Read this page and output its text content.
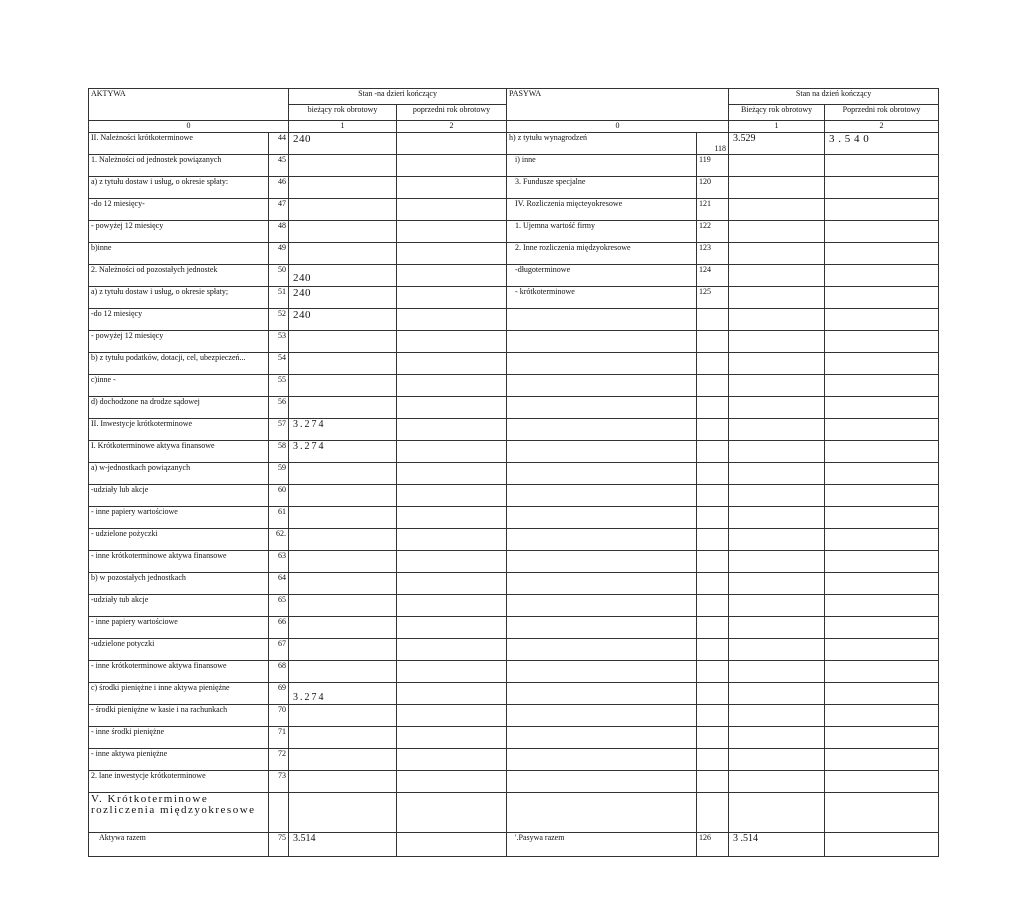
AKTYWA		Stan -na dzieri kończący		PASYWA		Stan na dzień kończący	
		bieżący rok obrotowy	poprzedni rok obrotowy			Bieżący rok obrotowy	Poprzedni rok obrotowy
0		1	2	0		1	2
II. Należności krótkoterminowe	44	240		h) z tytułu wynagrodzeń	118	3.529	3 . 5 4 0
1. Należności od jednostek powiązanych	45			i) inne	119		
a) z tytułu dostaw i usług, o okresie spłaty:	46			3. Fundusze specjalne	120		
-do 12 miesięcy-	47			IV. Rozliczenia mięcteyokresowe	121		
- powyżej 12 miesięcy	48			1. Ujemna wartość firmy	122		
b)inne	49			2. Inne rozliczenia międzyokresowe	123		
2. Należności od pozostałych jednostek	50	240		-długoterminowe	124		
a) z tytułu dostaw i usług, o okresie spłaty;	51	240		- krótkoterminowe	125		
-do 12 miesięcy	52	240					
- powyżej 12 miesięcy	53						
b) z tytułu podatków, dotacji, cel, ubezpieczeń...	54						
c)inne -	55						
d) dochodzone na drodze sądowej	56						
II. Inwestycje krótkoterminowe	57	3.274					
I. Krótkoterminowe aktywa finansowe	58	3.274					
a) w-jednostkach powiązanych	59						
-udziały lub akcje	60						
- inne papiery wartościowe	61						
- udzielone pożyczki	62.						
- inne krótkoterminowe aktywa finansowe	63						
b) w pozostałych jednostkach	64						
-udziały tub akcje	65						
- inne papiery wartościowe	66						
-udzielone potyczki	67						
- inne krótkoterminowe aktywa finansowe	68						
c) środki pieniężne i inne aktywa pieniężne	69	3.274					
- środki pieniężne w kasie i na rachunkach	70						
- inne środki pieniężne	71						
- inne aktywa pieniężne	72						
2. lane inwestycje krótkoterminowe	73						
V. Krótkoterminowe rozliczenia międzyokresowe							
Aktywa razem	75	3.514		'.Pasywa razem	126	3 .514	
